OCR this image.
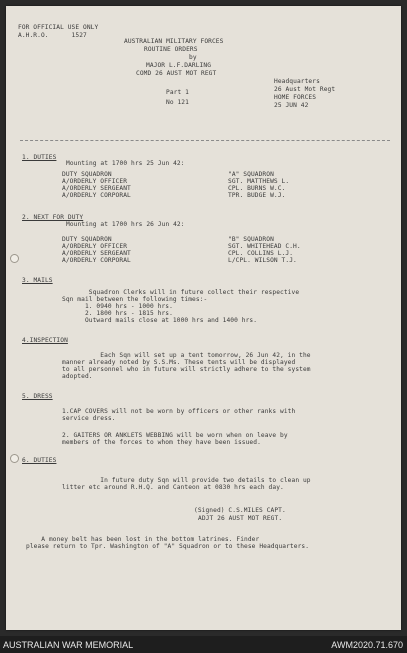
FOR OFFICIAL USE ONLY
A.H.R.O.      1527
AUSTRALIAN MILITARY FORCES
ROUTINE ORDERS
by
MAJOR L.F.DARLING
COMD 26 AUST MOT REGT
Part 1
No 121
Headquarters
26 Aust Mot Regt
HOME FORCES
25 JUN 42
1. DUTIES
Mounting at 1700 hrs 25 Jun 42:
DUTY SQUADRON
A/ORDERLY OFFICER
A/ORDERLY SERGEANT
A/ORDERLY CORPORAL
"A" SQUADRON
SGT. MATTHEWS L.
CPL. BURNS W.C.
TPR. BUDGE W.J.
2. NEXT FOR DUTY
Mounting at 1700 hrs 26 Jun 42:
DUTY SQUADRON
A/ORDERLY OFFICER
A/ORDERLY SERGEANT
A/ORDERLY CORPORAL
"B" SQUADRON
SGT. WHITEHEAD C.H.
CPL. COLLINS L.J.
L/CPL. WILSON T.J.
3. MAILS
Squadron Clerks will in future collect their respective
Sqn mail between the following times:-
1. 0940 hrs - 1000 hrs.
2. 1800 hrs - 1815 hrs.
Outward mails close at 1000 hrs and 1400 hrs.
4.INSPECTION
Each Sqn will set up a tent tomorrow, 26 Jun 42, in the
manner already noted by S.S.Ms. These tents will be displayed
to all personnel who in future will strictly adhere to the system
adopted.
5. DRESS
1.CAP COVERS will not be worn by officers or other ranks with
service dress.
2. GAITERS OR ANKLETS WEBBING will be worn when on leave by
members of the forces to whom they have been issued.
6. DUTIES
In future duty Sqn will provide two details to clean up
litter etc around R.H.Q. and Canteon at 0830 hrs each day.
(Signed) C.S.MILES CAPT.
ADJT 26 AUST MOT REGT.
A money belt has been lost in the bottom latrines. Finder
please return to Tpr. Washington of "A" Squadron or to these Headquarters.
AUSTRALIAN WAR MEMORIAL	AWM2020.71.670
